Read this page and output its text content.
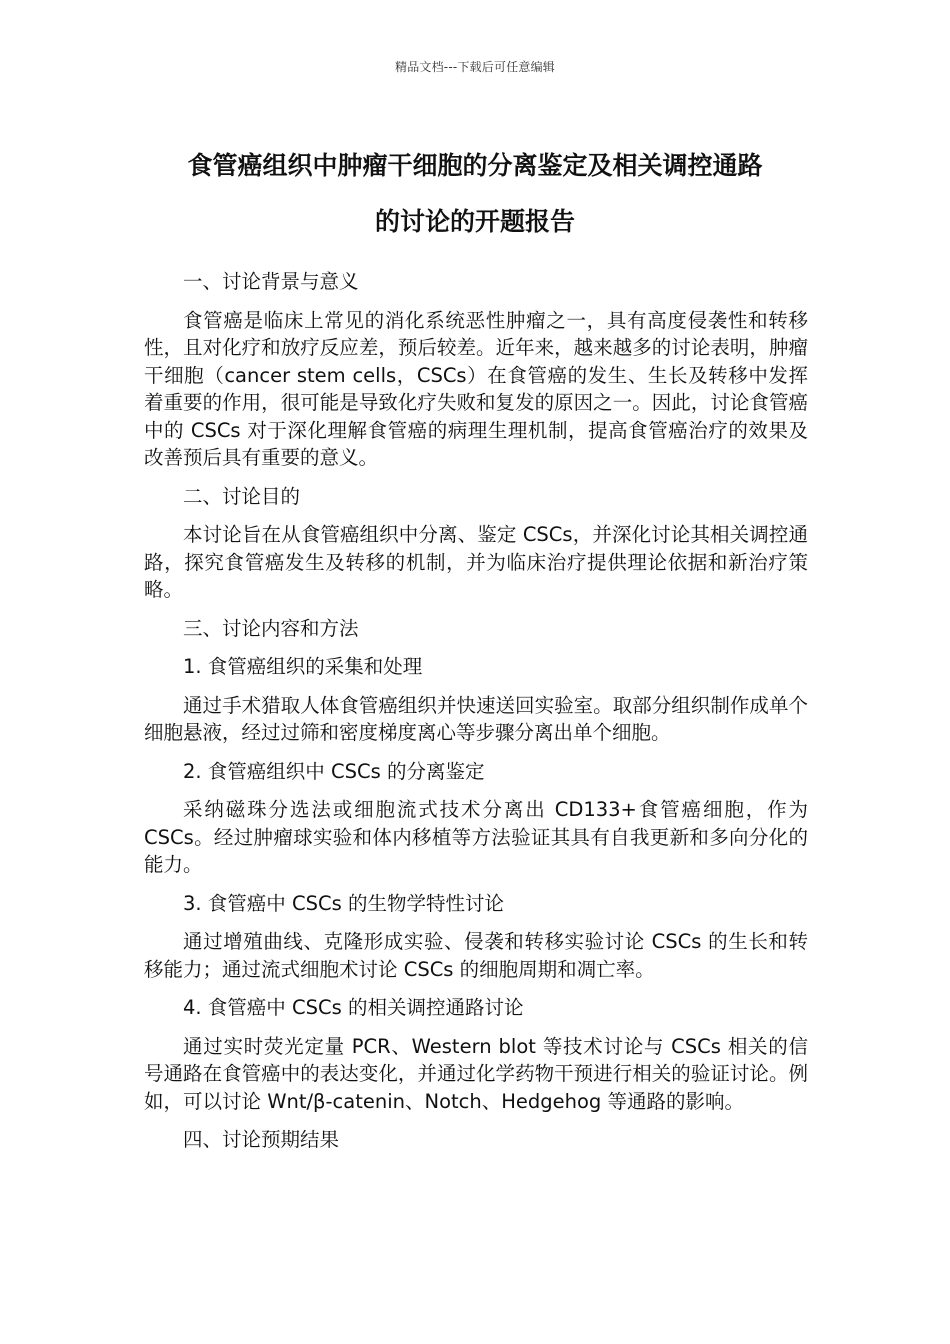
精品文档---下载后可任意编辑
食管癌组织中肿瘤干细胞的分离鉴定及相关调控通路
的讨论的开题报告

一、讨论背景与意义

食管癌是临床上常见的消化系统恶性肿瘤之一，具有高度侵袭性和转移性，且对化疗和放疗反应差，预后较差。近年来，越来越多的讨论表明，肿瘤干细胞（cancer stem cells，CSCs）在食管癌的发生、生长及转移中发挥着重要的作用，很可能是导致化疗失败和复发的原因之一。因此，讨论食管癌中的 CSCs 对于深化理解食管癌的病理生理机制，提高食管癌治疗的效果及改善预后具有重要的意义。

二、讨论目的

本讨论旨在从食管癌组织中分离、鉴定 CSCs，并深化讨论其相关调控通路，探究食管癌发生及转移的机制，并为临床治疗提供理论依据和新治疗策略。

三、讨论内容和方法

1. 食管癌组织的采集和处理

通过手术猎取人体食管癌组织并快速送回实验室。取部分组织制作成单个细胞悬液，经过过筛和密度梯度离心等步骤分离出单个细胞。

2. 食管癌组织中 CSCs 的分离鉴定

采纳磁珠分选法或细胞流式技术分离出 CD133+食管癌细胞，作为 CSCs。经过肿瘤球实验和体内移植等方法验证其具有自我更新和多向分化的能力。

3. 食管癌中 CSCs 的生物学特性讨论

通过增殖曲线、克隆形成实验、侵袭和转移实验讨论 CSCs 的生长和转移能力；通过流式细胞术讨论 CSCs 的细胞周期和凋亡率。

4. 食管癌中 CSCs 的相关调控通路讨论

通过实时荧光定量 PCR、Western blot 等技术讨论与 CSCs 相关的信号通路在食管癌中的表达变化，并通过化学药物干预进行相关的验证讨论。例如，可以讨论 Wnt/β-catenin、Notch、Hedgehog 等通路的影响。

四、讨论预期结果
